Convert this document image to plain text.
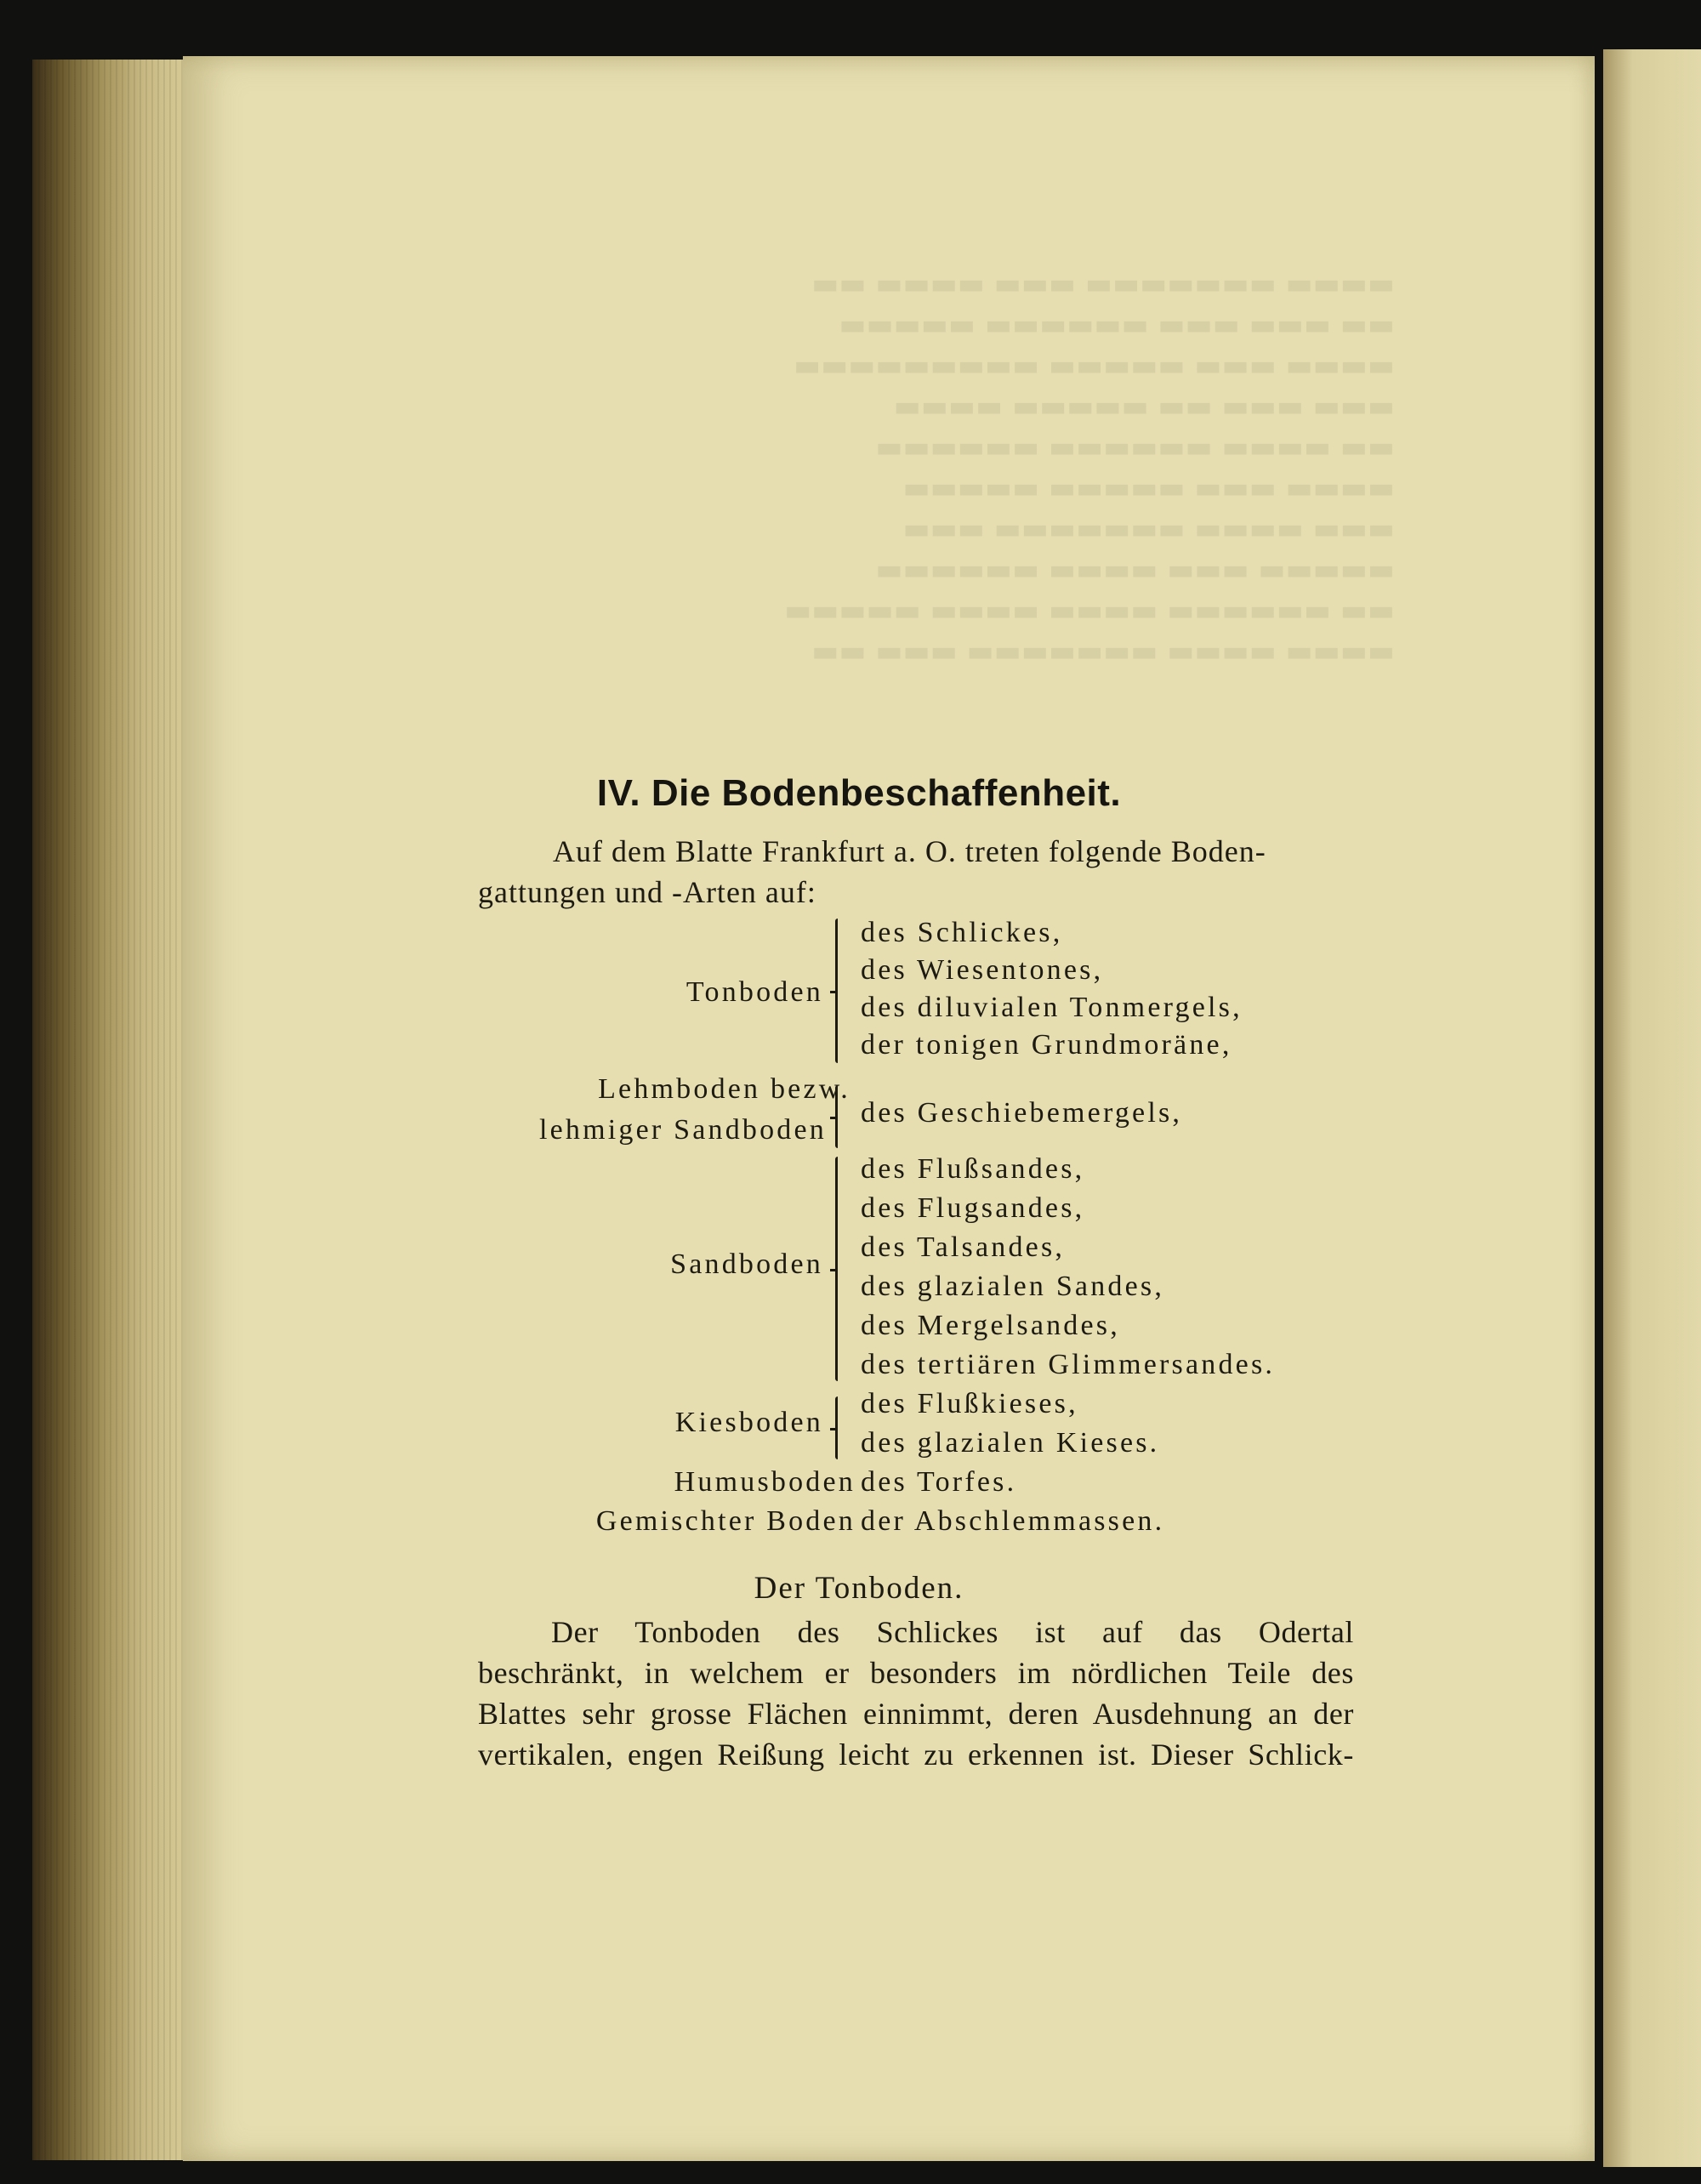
▬▬▬▬ ▬▬▬▬▬▬▬ ▬▬▬ ▬▬▬▬ ▬▬
▬▬ ▬▬▬ ▬▬▬ ▬▬▬▬▬▬ ▬▬▬▬▬
▬▬▬▬ ▬▬▬ ▬▬▬▬▬ ▬▬▬▬▬▬▬▬▬
▬▬▬ ▬▬▬ ▬▬ ▬▬▬▬▬ ▬▬▬▬
▬▬ ▬▬▬▬ ▬▬▬▬▬▬ ▬▬▬▬▬▬
▬▬▬▬ ▬▬▬ ▬▬▬▬▬ ▬▬▬▬▬
▬▬▬ ▬▬▬▬ ▬▬▬▬▬▬▬ ▬▬▬
▬▬▬▬▬ ▬▬▬ ▬▬▬▬ ▬▬▬▬▬▬
▬▬ ▬▬▬▬▬▬ ▬▬▬▬ ▬▬▬▬ ▬▬▬▬▬
▬▬▬▬ ▬▬▬▬ ▬▬▬▬▬▬▬ ▬▬▬ ▬▬
IV. Die Bodenbeschaffenheit.
Auf dem Blatte Frankfurt a. O. treten folgende Boden-
gattungen und -Arten auf:
Tonboden
des Schlickes,
des Wiesentones,
des diluvialen Tonmergels,
der tonigen Grundmoräne,
Lehmboden bezw.
lehmiger Sandboden
des Geschiebemergels,
Sandboden
des Flußsandes,
des Flugsandes,
des Talsandes,
des glazialen Sandes,
des Mergelsandes,
des tertiären Glimmersandes.
Kiesboden
des Flußkieses,
des glazialen Kieses.
Humusboden des Torfes.
Gemischter Boden der Abschlemmassen.
Der Tonboden.
Der Tonboden des Schlickes ist auf das Odertal
beschränkt, in welchem er besonders im nördlichen Teile des
Blattes sehr grosse Flächen einnimmt, deren Ausdehnung an der
vertikalen, engen Reißung leicht zu erkennen ist. Dieser Schlick-
